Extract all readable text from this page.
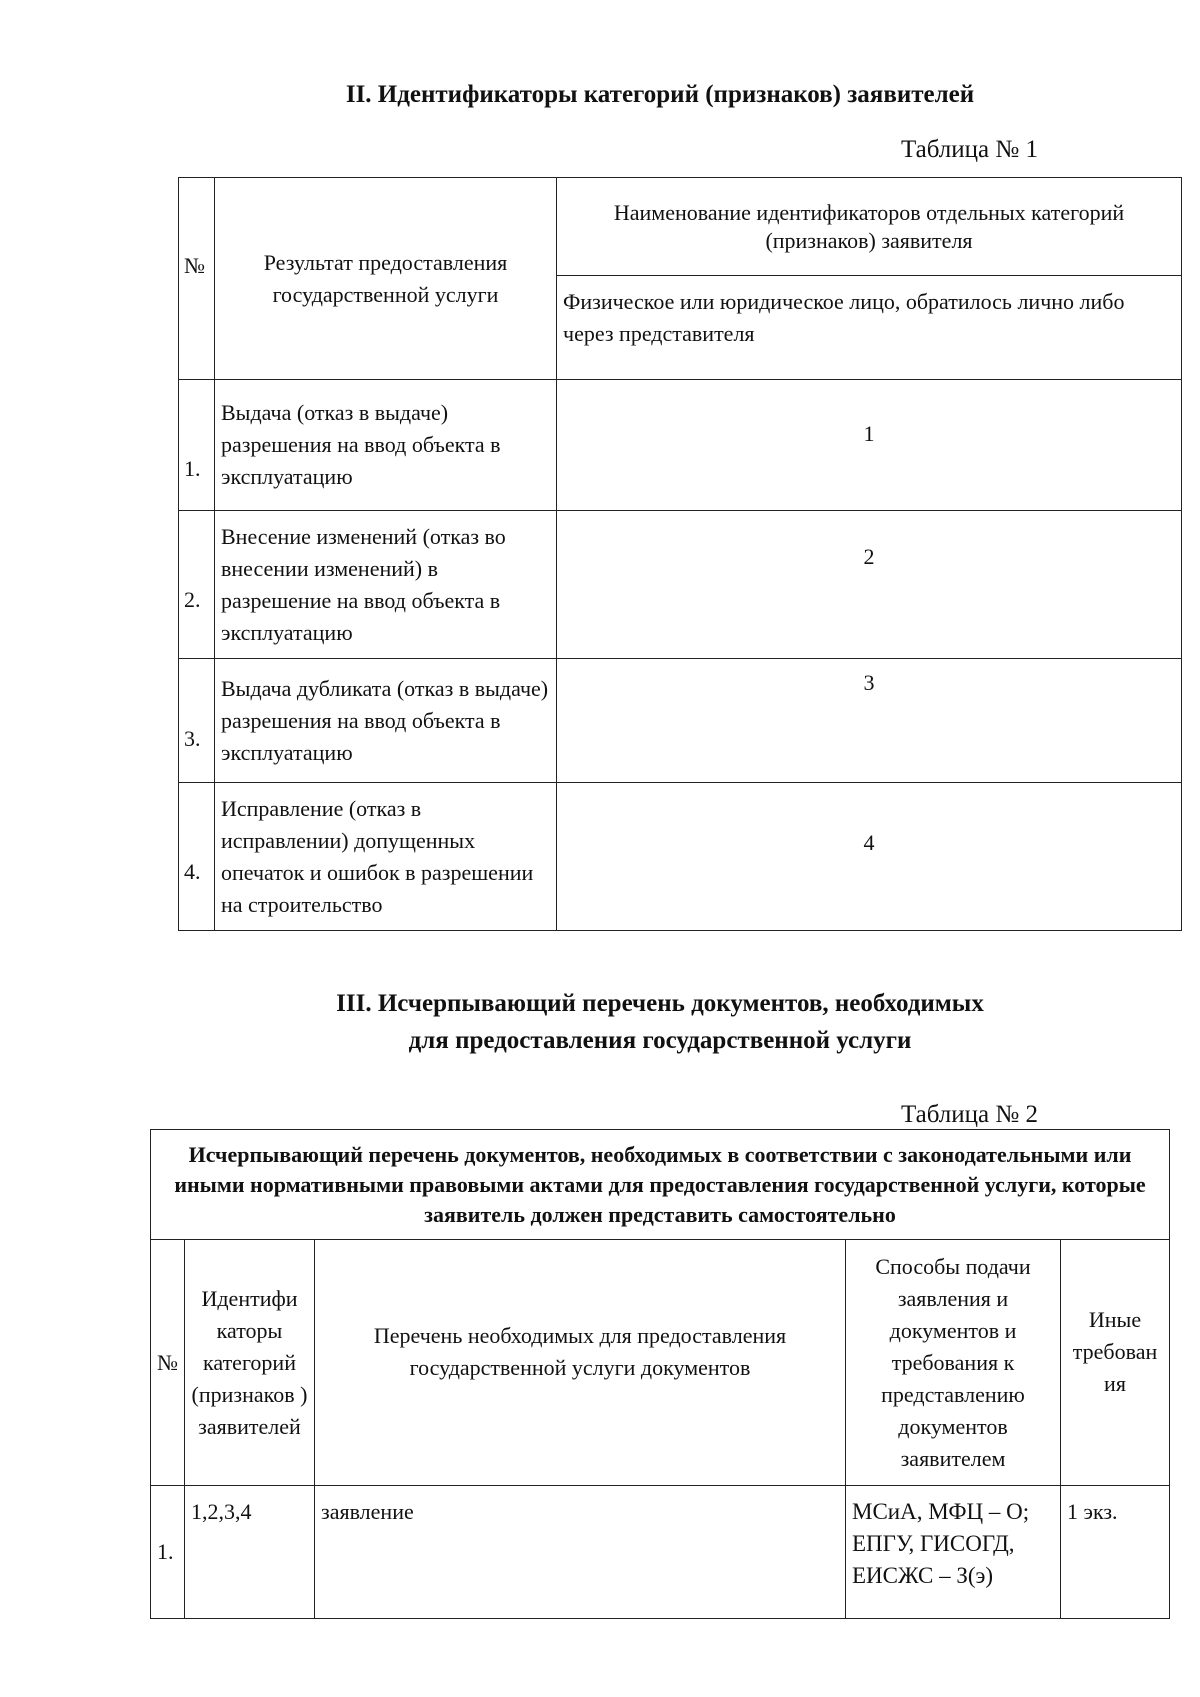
II. Идентификаторы категорий (признаков) заявителей
Таблица № 1
№	Результат предоставления государственной услуги	Наименование идентификаторов отдельных категорий (признаков) заявителя
		Физическое или юридическое лицо, обратилось лично либо через представителя
1.	Выдача (отказ в выдаче) разрешения на ввод объекта в эксплуатацию	1
2.	Внесение изменений (отказ во внесении изменений) в разрешение на ввод объекта в эксплуатацию	2
3.	Выдача дубликата (отказ в выдаче) разрешения на ввод объекта в эксплуатацию	3
4.	Исправление (отказ в исправлении) допущенных опечаток и ошибок в разрешении на строительство	4
III. Исчерпывающий перечень документов, необходимых
для предоставления государственной услуги
Таблица № 2
Исчерпывающий перечень документов, необходимых в соответствии с законодательными или иными нормативными правовыми актами для предоставления государственной услуги, которые заявитель должен представить самостоятельно				
№	Идентифи каторы категорий (признаков ) заявителей	Перечень необходимых для предоставления государственной услуги документов	Способы подачи заявления и документов и требования к представлению документов заявителем	Иные требован ия
1.	1,2,3,4	заявление	МСиА, МФЦ – О; ЕПГУ, ГИСОГД, ЕИСЖС – З(э)	1 экз.
